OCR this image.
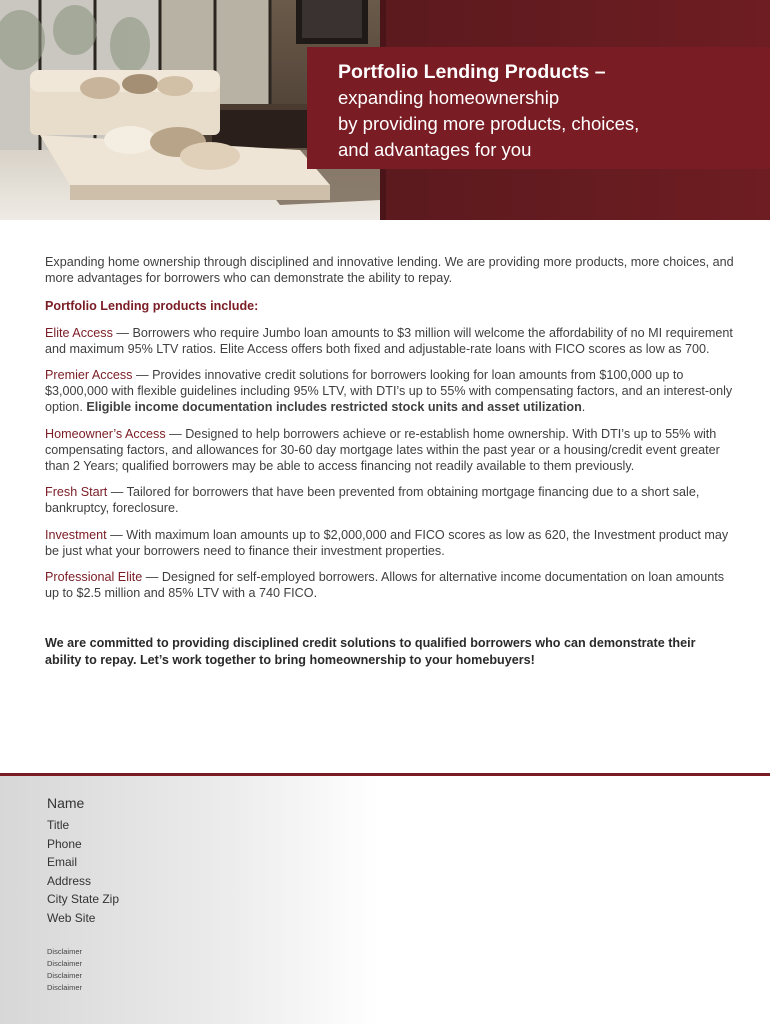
Portfolio Lending Products –
expanding homeownership
by providing more products, choices,
and advantages for you

Expanding home ownership through disciplined and innovative lending. We are providing more products, more choices, and more advantages for borrowers who can demonstrate the ability to repay.

Portfolio Lending products include:

Elite Access — Borrowers who require Jumbo loan amounts to $3 million will welcome the affordability of no MI requirement and maximum 95% LTV ratios. Elite Access offers both fixed and adjustable-rate loans with FICO scores as low as 700.

Premier Access — Provides innovative credit solutions for borrowers looking for loan amounts from $100,000 up to $3,000,000 with flexible guidelines including 95% LTV, with DTI’s up to 55% with compensating factors, and an interest-only option. Eligible income documentation includes restricted stock units and asset utilization.

Homeowner’s Access — Designed to help borrowers achieve or re-establish home ownership. With DTI’s up to 55% with compensating factors, and allowances for 30-60 day mortgage lates within the past year or a housing/credit event greater than 2 Years; qualified borrowers may be able to access financing not readily available to them previously.

Fresh Start — Tailored for borrowers that have been prevented from obtaining mortgage financing due to a short sale, bankruptcy, foreclosure.

Investment — With maximum loan amounts up to $2,000,000 and FICO scores as low as 620, the Investment product may be just what your borrowers need to finance their investment properties.

Professional Elite — Designed for self-employed borrowers. Allows for alternative income documentation on loan amounts up to $2.5 million and 85% LTV with a 740 FICO.

We are committed to providing disciplined credit solutions to qualified borrowers who can demonstrate their ability to repay. Let’s work together to bring homeownership to your homebuyers!

Name
Title
Phone
Email
Address
City State Zip
Web Site
Disclaimer
Disclaimer
Disclaimer
Disclaimer
